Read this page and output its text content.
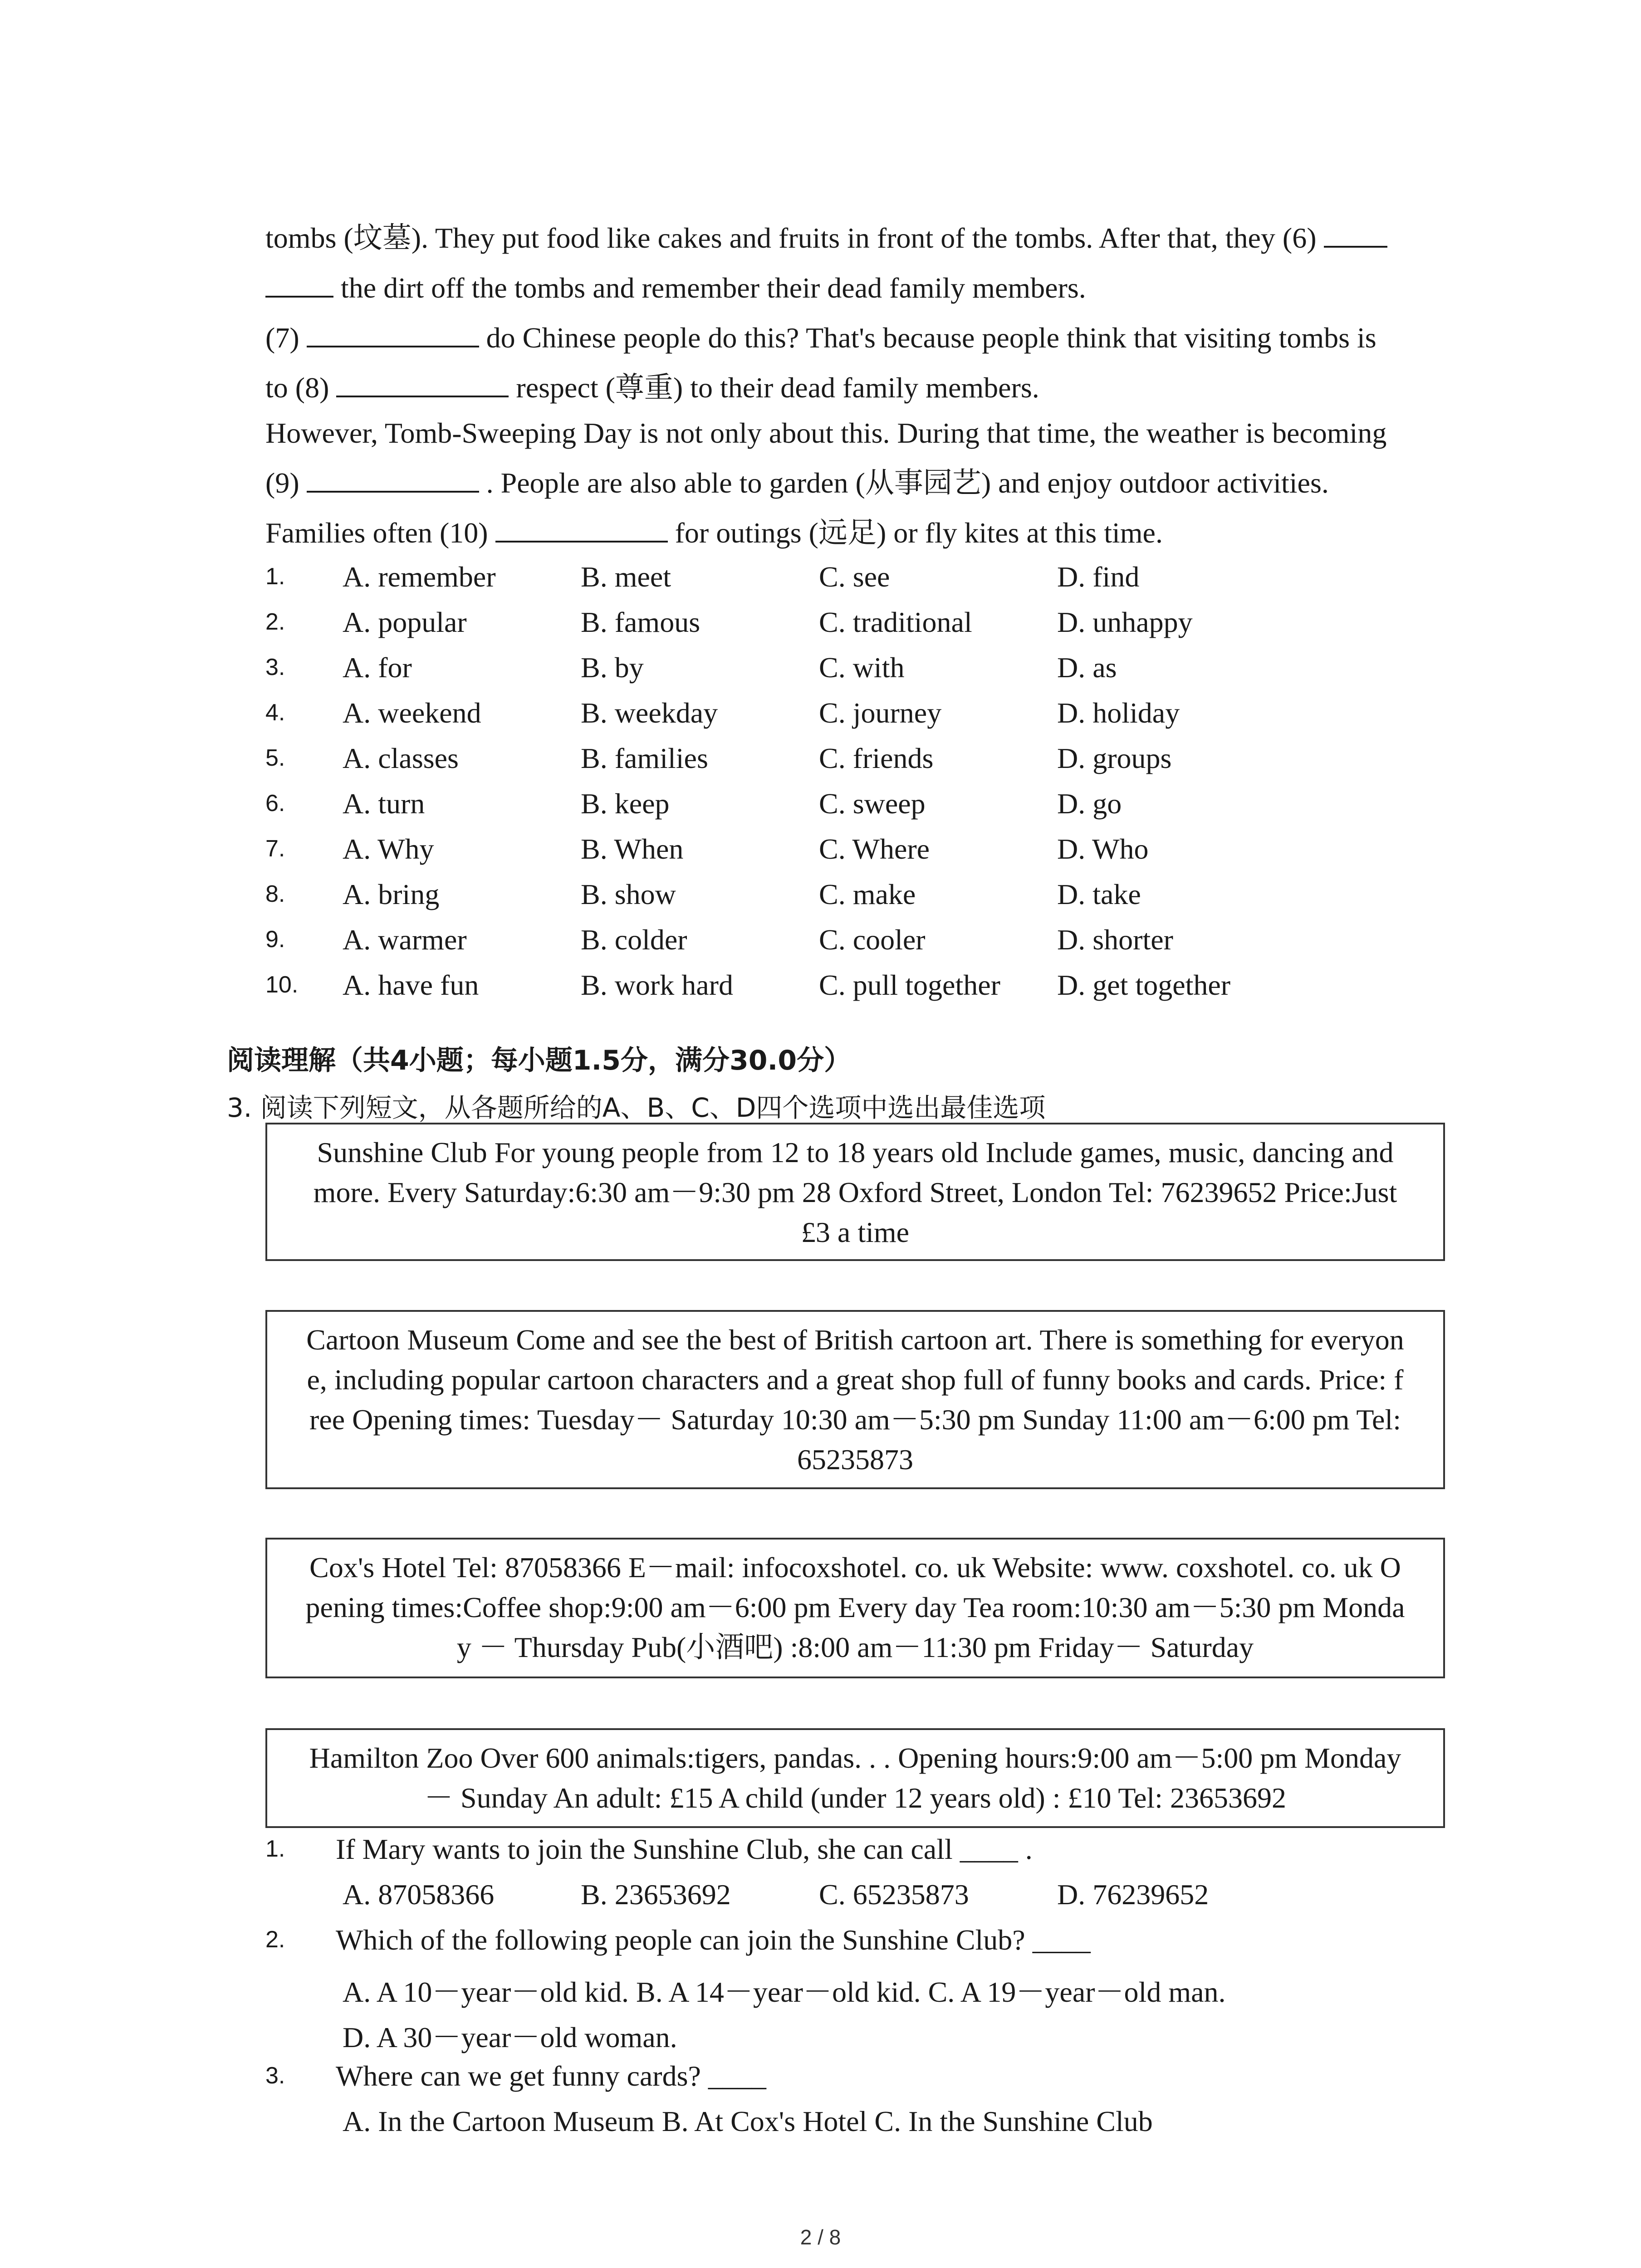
tombs (坟墓). They put food like cakes and fruits in front of the tombs. After that, they (6)
the dirt off the tombs and remember their dead family members.
(7)	do Chinese people do this? That's because people think that visiting tombs is
to (8)	respect (尊重) to their dead family members.
However, Tomb-Sweeping Day is not only about this. During that time, the weather is becoming
(9)	. People are also able to garden (从事园艺) and enjoy outdoor activities.
Families often (10)	for outings (远足) or fly kites at this time.
1. A. remember	B. meet	C. see	D. find
2. A. popular	B. famous	C. traditional	D. unhappy
3. A. for	B. by	C. with	D. as
4. A. weekend	B. weekday	C. journey	D. holiday
5. A. classes	B. families	C. friends	D. groups
6. A. turn	B. keep	C. sweep	D. go
7. A. Why	B. When	C. Where	D. Who
8. A. bring	B. show	C. make	D. take
9. A. warmer	B. colder	C. cooler	D. shorter
10. A. have fun	B. work hard	C. pull together D. get together
阅读理解（共4小题；每小题1.5分，满分30.0分）
3. 阅读下列短文，从各题所给的A、B、C、D四个选项中选出最佳选项
Sunshine Club For young people from 12 to 18 years old Include games, music, dancing and
more. Every Saturday:6:30 am－9:30 pm 28 Oxford Street, London Tel: 76239652 Price:Just
£3 a time
Cartoon Museum Come and see the best of British cartoon art. There is something for everyon
e, including popular cartoon characters and a great shop full of funny books and cards. Price: f
ree Opening times: Tuesday－ Saturday 10:30 am－5:30 pm Sunday 11:00 am－6:00 pm Tel:
65235873
Cox's Hotel Tel: 87058366 E－mail: infocoxshotel. co. uk Website: www. coxshotel. co. uk O
pening times:Coffee shop:9:00 am－6:00 pm Every day Tea room:10:30 am－5:30 pm Monda
y － Thursday Pub(小酒吧) :8:00 am－11:30 pm Friday－ Saturday
Hamilton Zoo Over 600 animals:tigers, pandas. . . Opening hours:9:00 am－5:00 pm Monday
－ Sunday An adult: £15 A child (under 12 years old) : £10 Tel: 23653692
1. If Mary wants to join the Sunshine Club, she can call ____ .
A. 87058366	B. 23653692	C. 65235873	D. 76239652
2. Which of the following people can join the Sunshine Club? ____
A. A 10－year－old kid. B. A 14－year－old kid. C. A 19－year－old man.
D. A 30－year－old woman.
3. Where can we get funny cards? ____
A. In the Cartoon Museum B. At Cox's Hotel C. In the Sunshine Club
2 / 8
